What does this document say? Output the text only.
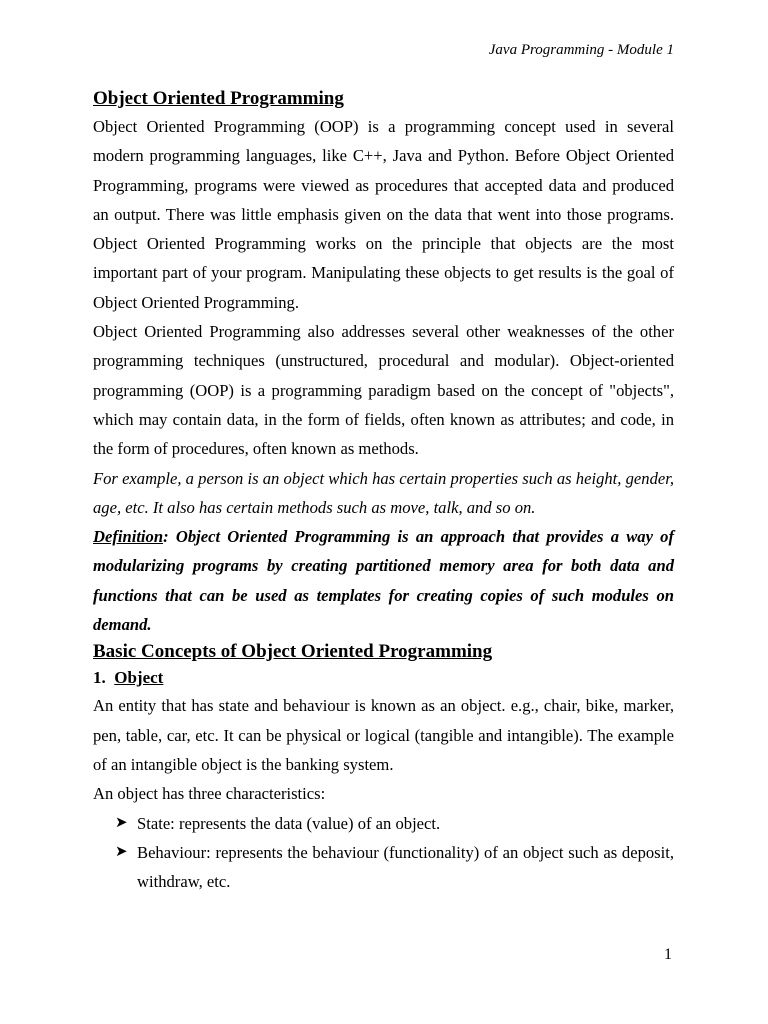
Java Programming - Module 1

Object Oriented Programming

Object Oriented Programming (OOP) is a programming concept used in several modern programming languages, like C++, Java and Python. Before Object Oriented Programming, programs were viewed as procedures that accepted data and produced an output. There was little emphasis given on the data that went into those programs. Object Oriented Programming works on the principle that objects are the most important part of your program. Manipulating these objects to get results is the goal of Object Oriented Programming.

Object Oriented Programming also addresses several other weaknesses of the other programming techniques (unstructured, procedural and modular). Object-oriented programming (OOP) is a programming paradigm based on the concept of "objects", which may contain data, in the form of fields, often known as attributes; and code, in the form of procedures, often known as methods.

For example, a person is an object which has certain properties such as height, gender, age, etc. It also has certain methods such as move, talk, and so on.

Definition: Object Oriented Programming is an approach that provides a way of modularizing programs by creating partitioned memory area for both data and functions that can be used as templates for creating copies of such modules on demand.

Basic Concepts of Object Oriented Programming

1. Object

An entity that has state and behaviour is known as an object. e.g., chair, bike, marker, pen, table, car, etc. It can be physical or logical (tangible and intangible). The example of an intangible object is the banking system.

An object has three characteristics:

➤ State: represents the data (value) of an object.
➤ Behaviour: represents the behaviour (functionality) of an object such as deposit, withdraw, etc.
1
